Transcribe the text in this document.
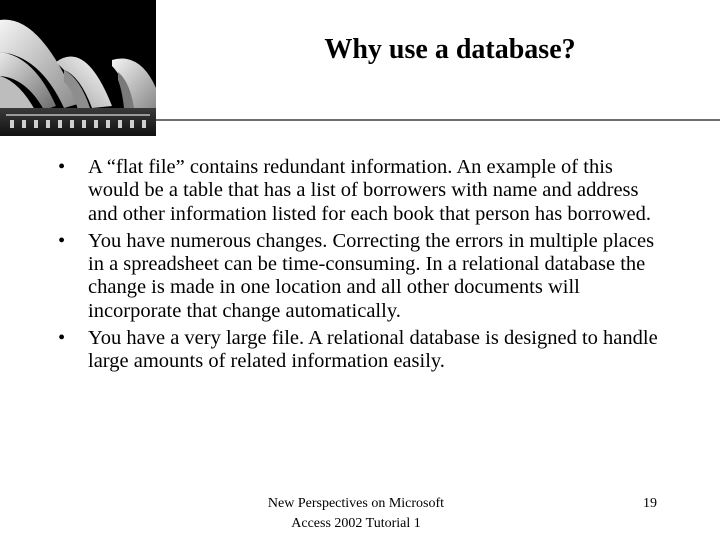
Why use a database?
• A “flat file” contains redundant information. An example of this would be a table that has a list of borrowers with name and address and other information listed for each book that person has borrowed.
• You have numerous changes. Correcting the errors in multiple places in a spreadsheet can be time-consuming. In a relational database the change is made in one location and all other documents will incorporate that change automatically.
• You have a very large file. A relational database is designed to handle large amounts of related information easily.
New Perspectives on Microsoft
Access 2002 Tutorial 1
19
